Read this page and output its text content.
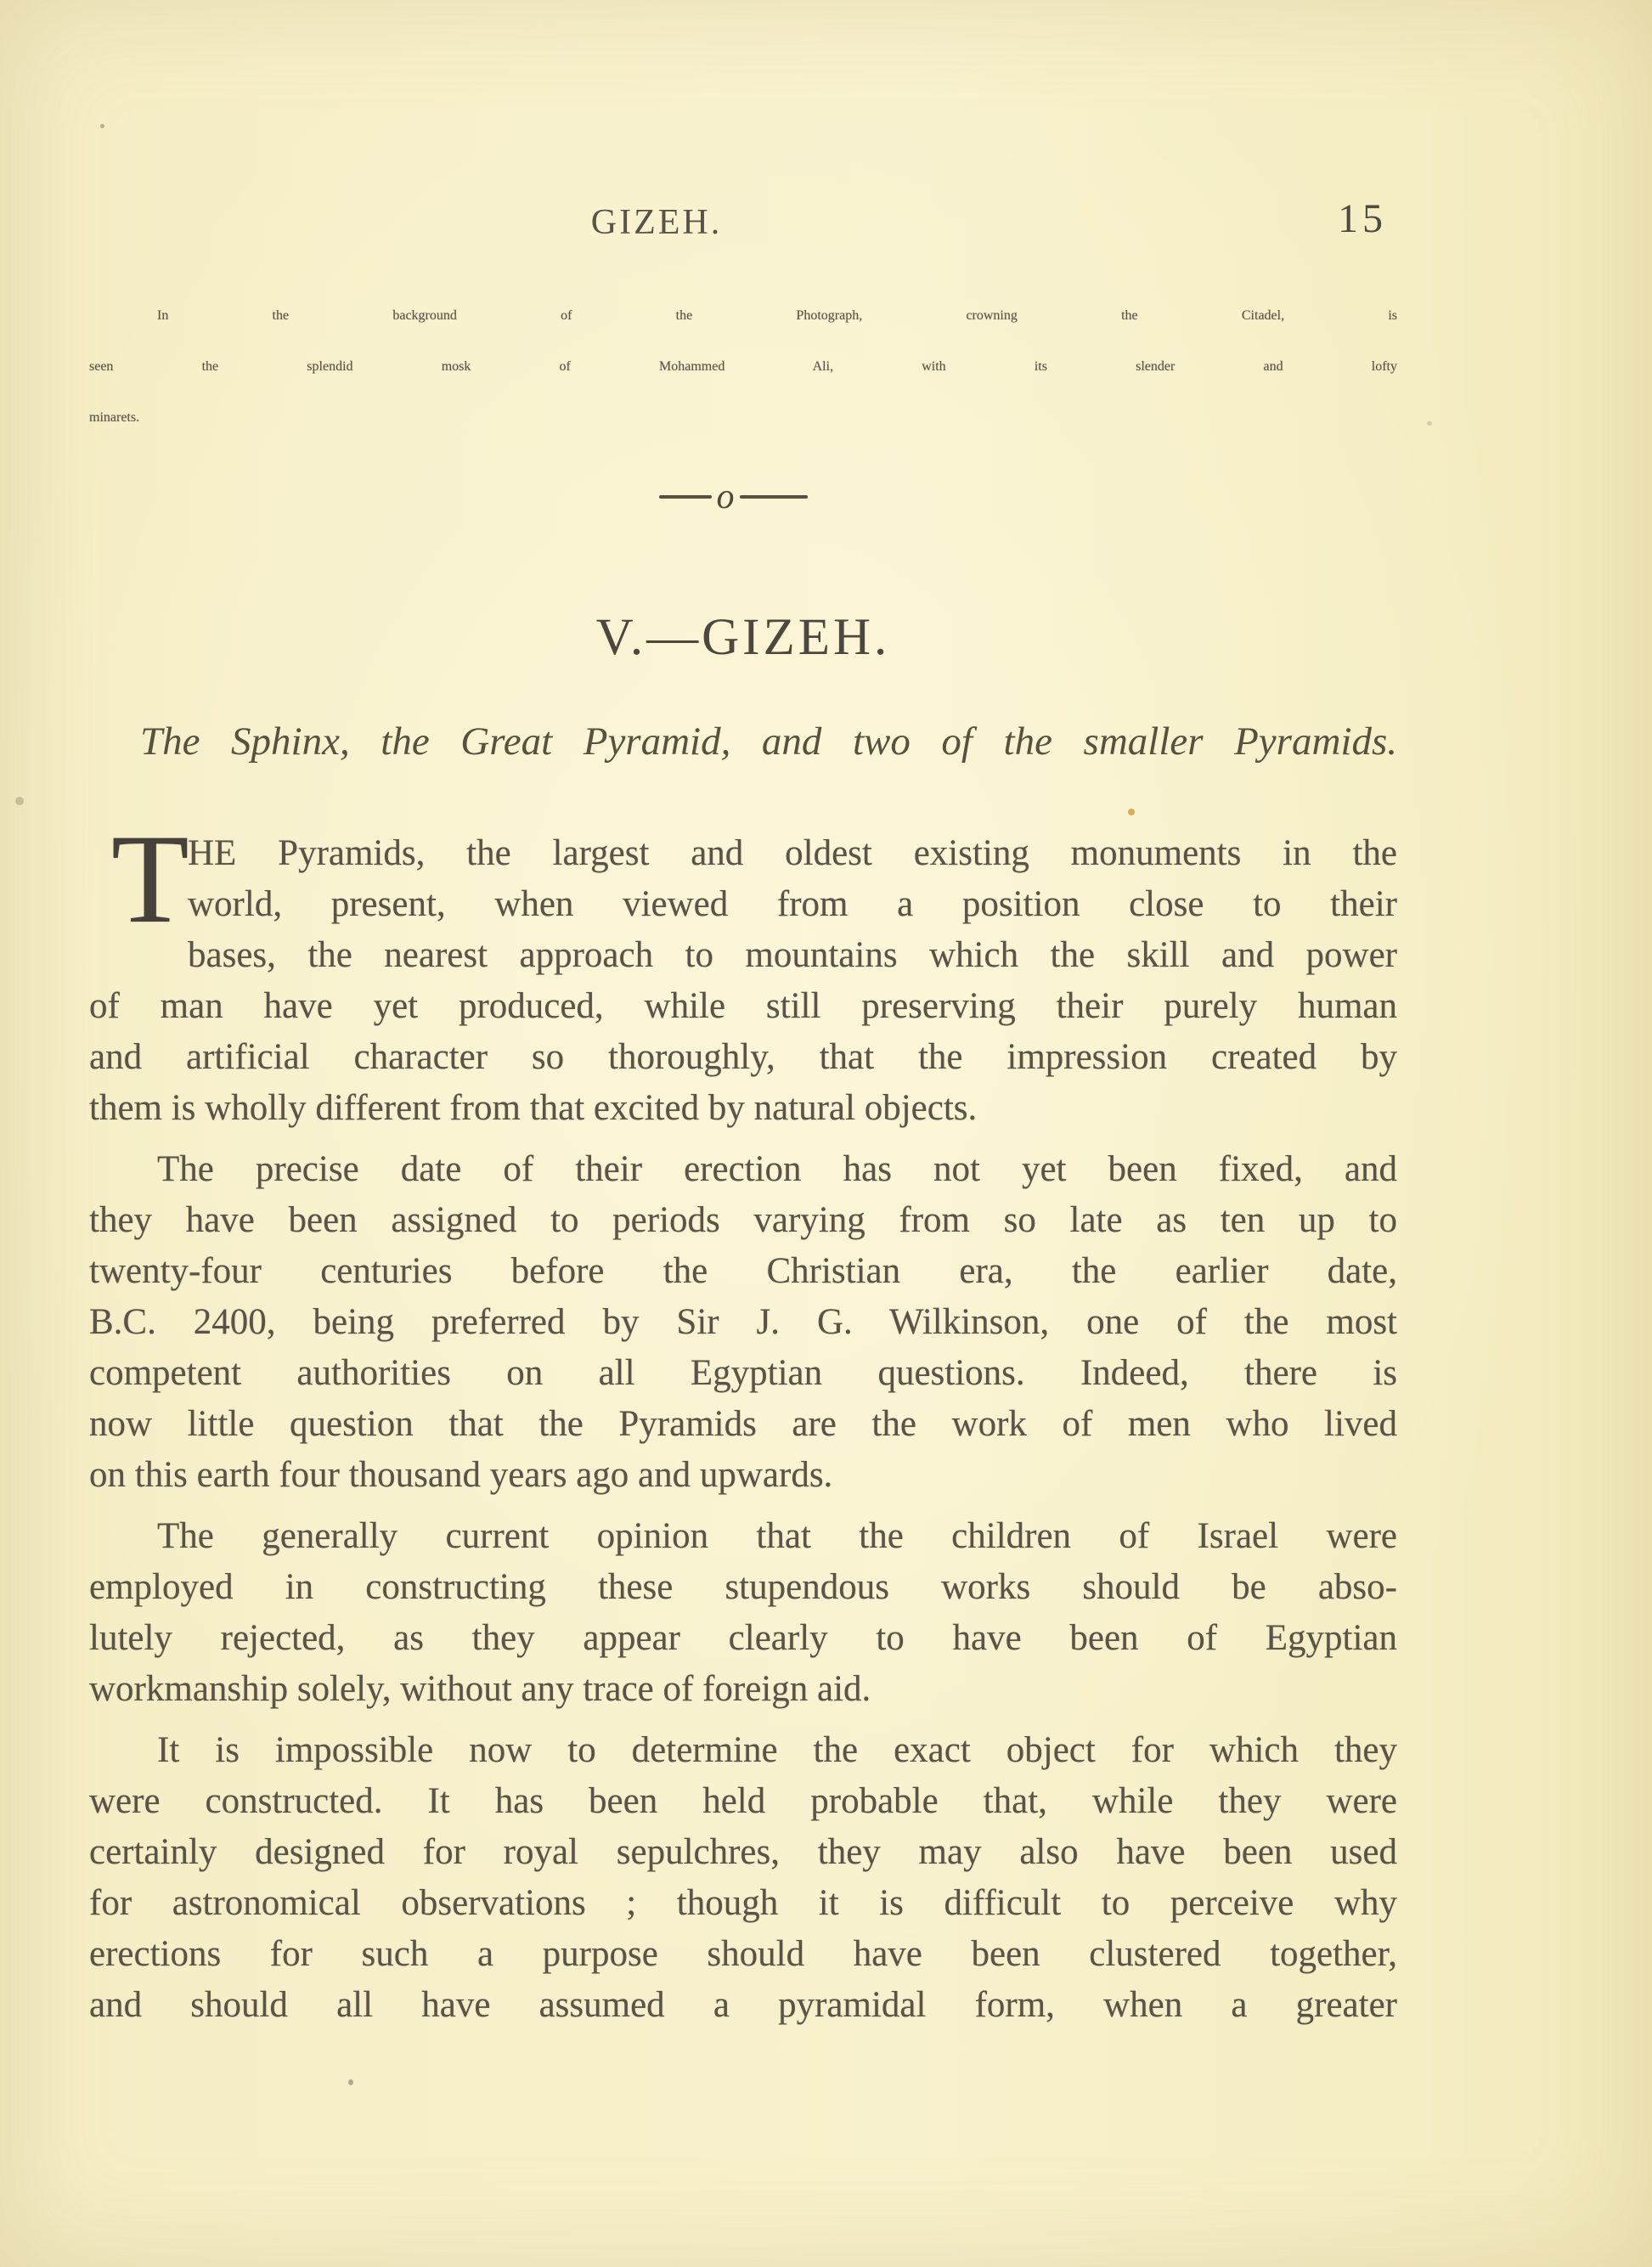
GIZEH.	15
In the background of the Photograph, crowning the Citadel, is
seen the splendid mosk of Mohammed Ali, with its slender and lofty
minarets.
o
V.—GIZEH.
The Sphinx, the Great Pyramid, and two of the smaller Pyramids.
T
HE Pyramids, the largest and oldest existing monuments in the
world, present, when viewed from a position close to their
bases, the nearest approach to mountains which the skill and power
of man have yet produced, while still preserving their purely human
and artificial character so thoroughly, that the impression created by
them is wholly different from that excited by natural objects.
The precise date of their erection has not yet been fixed, and
they have been assigned to periods varying from so late as ten up to
twenty-four centuries before the Christian era, the earlier date,
B.C. 2400, being preferred by Sir J. G. Wilkinson, one of the most
competent authorities on all Egyptian questions. Indeed, there is
now little question that the Pyramids are the work of men who lived
on this earth four thousand years ago and upwards.
The generally current opinion that the children of Israel were
employed in constructing these stupendous works should be abso-
lutely rejected, as they appear clearly to have been of Egyptian
workmanship solely, without any trace of foreign aid.
It is impossible now to determine the exact object for which they
were constructed. It has been held probable that, while they were
certainly designed for royal sepulchres, they may also have been used
for astronomical observations ; though it is difficult to perceive why
erections for such a purpose should have been clustered together,
and should all have assumed a pyramidal form, when a greater
